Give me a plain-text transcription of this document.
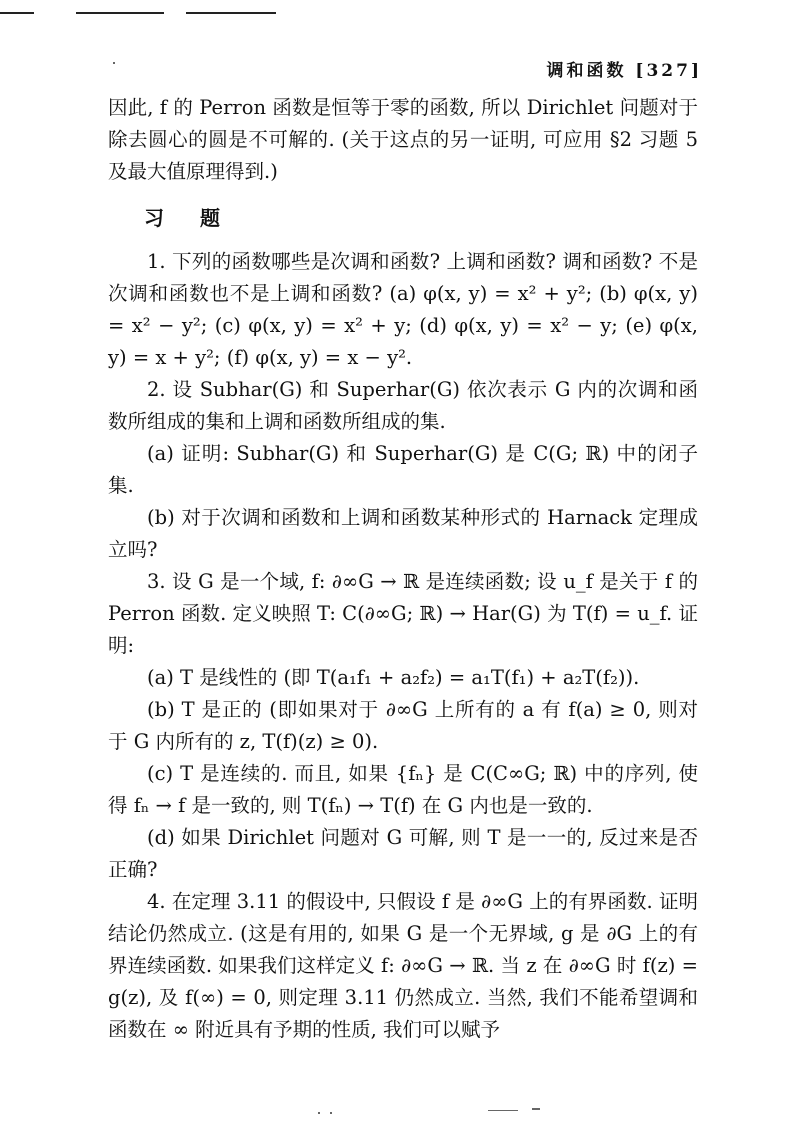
调和函数 [327]

因此, f 的 Perron 函数是恒等于零的函数, 所以 Dirichlet 问题对于除去圆心的圆是不可解的. (关于这点的另一证明, 可应用 §2 习题 5 及最大值原理得到.)

习题

1. 下列的函数哪些是次调和函数? 上调和函数? 调和函数? 不是次调和函数也不是上调和函数? (a) φ(x, y) = x² + y²; (b) φ(x, y) = x² − y²; (c) φ(x, y) = x² + y; (d) φ(x, y) = x² − y; (e) φ(x, y) = x + y²; (f) φ(x, y) = x − y².

2. 设 Subhar(G) 和 Superhar(G) 依次表示 G 内的次调和函数所组成的集和上调和函数所组成的集.

(a) 证明: Subhar(G) 和 Superhar(G) 是 C(G; ℝ) 中的闭子集.

(b) 对于次调和函数和上调和函数某种形式的 Harnack 定理成立吗?

3. 设 G 是一个域, f: ∂∞G → ℝ 是连续函数; 设 u_f 是关于 f 的 Perron 函数. 定义映照 T: C(∂∞G; ℝ) → Har(G) 为 T(f) = u_f. 证明:

(a) T 是线性的 (即 T(a₁f₁ + a₂f₂) = a₁T(f₁) + a₂T(f₂)).

(b) T 是正的 (即如果对于 ∂∞G 上所有的 a 有 f(a) ≥ 0, 则对于 G 内所有的 z, T(f)(z) ≥ 0).

(c) T 是连续的. 而且, 如果 {fₙ} 是 C(C∞G; ℝ) 中的序列, 使得 fₙ → f 是一致的, 则 T(fₙ) → T(f) 在 G 内也是一致的.

(d) 如果 Dirichlet 问题对 G 可解, 则 T 是一一的, 反过来是否正确?

4. 在定理 3.11 的假设中, 只假设 f 是 ∂∞G 上的有界函数. 证明结论仍然成立. (这是有用的, 如果 G 是一个无界域, g 是 ∂G 上的有界连续函数. 如果我们这样定义 f: ∂∞G → ℝ. 当 z 在 ∂∞G 时 f(z) = g(z), 及 f(∞) = 0, 则定理 3.11 仍然成立. 当然, 我们不能希望调和函数在 ∞ 附近具有予期的性质, 我们可以赋予
